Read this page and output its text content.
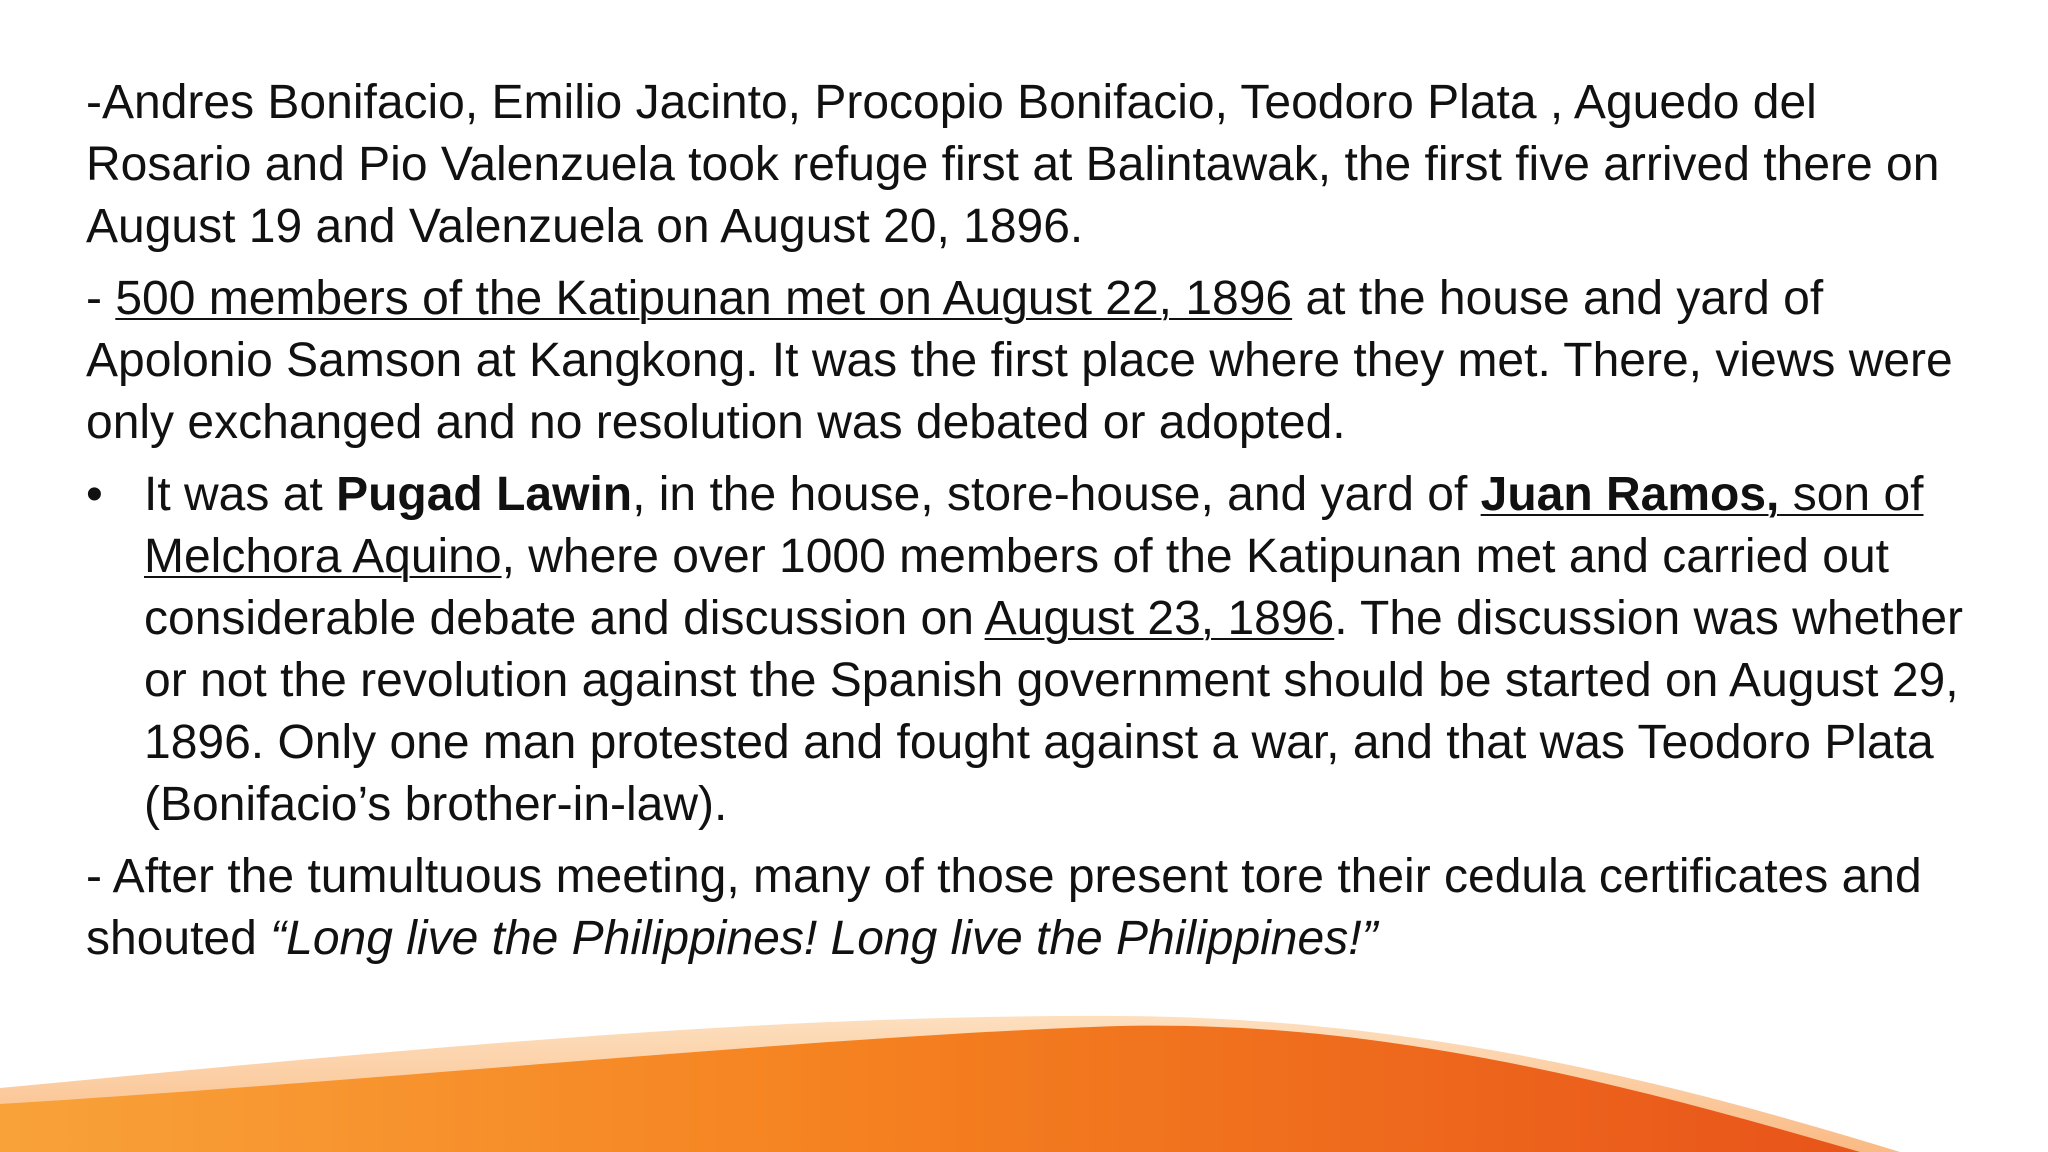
-Andres Bonifacio, Emilio Jacinto, Procopio Bonifacio, Teodoro Plata , Aguedo del Rosario and Pio Valenzuela took refuge first at Balintawak, the first five arrived there on August 19 and Valenzuela on August 20, 1896.

- 500 members of the Katipunan met on August 22, 1896 at the house and yard of Apolonio Samson at Kangkong. It was the first place where they met. There, views were only exchanged and no resolution was debated or adopted.

• It was at Pugad Lawin, in the house, store-house, and yard of Juan Ramos, son of Melchora Aquino, where over 1000 members of the Katipunan met and carried out considerable debate and discussion on August 23, 1896. The discussion was whether or not the revolution against the Spanish government should be started on August 29, 1896. Only one man protested and fought against a war, and that was Teodoro Plata (Bonifacio’s brother-in-law).

- After the tumultuous meeting, many of those present tore their cedula certificates and shouted “Long live the Philippines! Long live the Philippines!”
